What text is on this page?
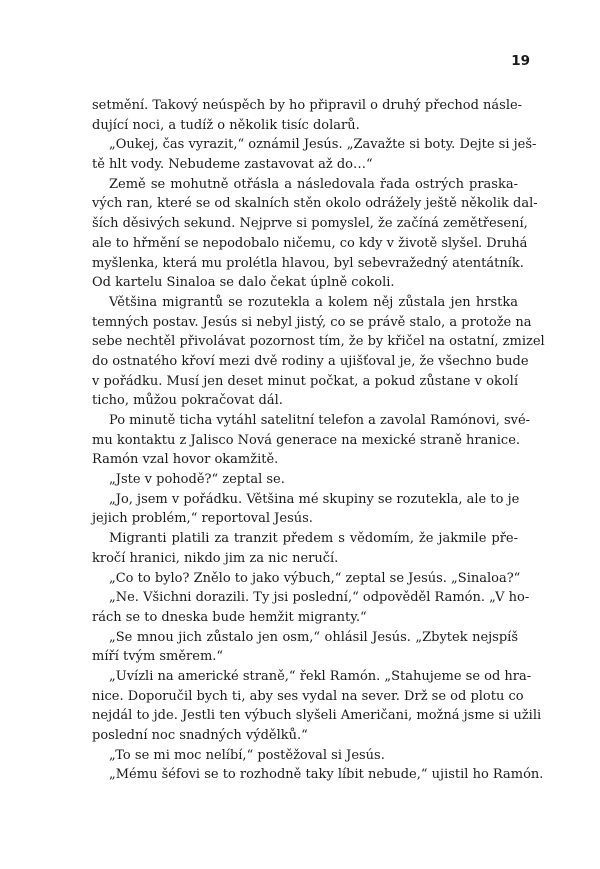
19

setmění. Takový neúspěch by ho připravil o druhý přechod násle-
dující noci, a tudíž o několik tisíc dolarů.

„Oukej, čas vyrazit,“ oznámil Jesús. „Zavažte si boty. Dejte si ješ-
tě hlt vody. Nebudeme zastavovat až do…“

Země se mohutně otřásla a následovala řada ostrých praska-
vých ran, které se od skalních stěn okolo odrážely ještě několik dal-
ších děsivých sekund. Nejprve si pomyslel, že začíná zemětřesení,
ale to hřmění se nepodobalo ničemu, co kdy v životě slyšel. Druhá
myšlenka, která mu prolétla hlavou, byl sebevražedný atentátník.
Od kartelu Sinaloa se dalo čekat úplně cokoli.

Většina migrantů se rozutekla a kolem něj zůstala jen hrstka
temných postav. Jesús si nebyl jistý, co se právě stalo, a protože na
sebe nechtěl přivolávat pozornost tím, že by křičel na ostatní, zmizel
do ostnatého křoví mezi dvě rodiny a ujišťoval je, že všechno bude
v pořádku. Musí jen deset minut počkat, a pokud zůstane v okolí
ticho, můžou pokračovat dál.

Po minutě ticha vytáhl satelitní telefon a zavolal Ramónovi, své-
mu kontaktu z Jalisco Nová generace na mexické straně hranice.
Ramón vzal hovor okamžitě.

„Jste v pohodě?“ zeptal se.

„Jo, jsem v pořádku. Většina mé skupiny se rozutekla, ale to je
jejich problém,“ reportoval Jesús.

Migranti platili za tranzit předem s vědomím, že jakmile pře-
kročí hranici, nikdo jim za nic neručí.

„Co to bylo? Znělo to jako výbuch,“ zeptal se Jesús. „Sinaloa?“

„Ne. Všichni dorazili. Ty jsi poslední,“ odpověděl Ramón. „V ho-
rách se to dneska bude hemžit migranty.“

„Se mnou jich zůstalo jen osm,“ ohlásil Jesús. „Zbytek nejspíš
míří tvým směrem.“

„Uvízli na americké straně,“ řekl Ramón. „Stahujeme se od hra-
nice. Doporučil bych ti, aby ses vydal na sever. Drž se od plotu co
nejdál to jde. Jestli ten výbuch slyšeli Američani, možná jsme si užili
poslední noc snadných výdělků.“

„To se mi moc nelíbí,“ postěžoval si Jesús.

„Mému šéfovi se to rozhodně taky líbit nebude,“ ujistil ho Ramón.
